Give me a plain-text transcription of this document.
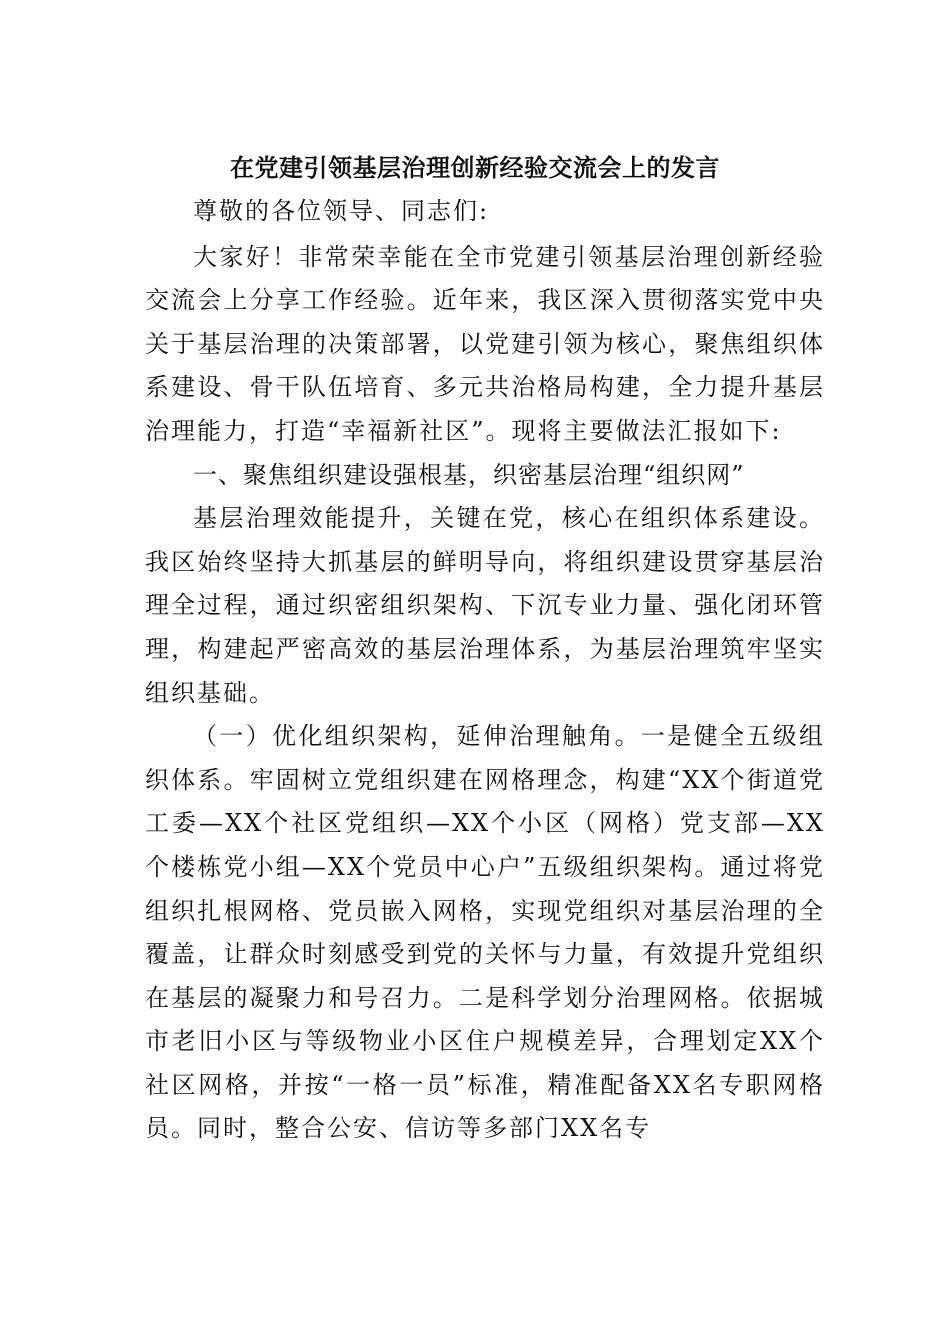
在党建引领基层治理创新经验交流会上的发言

尊敬的各位领导、同志们:

大家好！非常荣幸能在全市党建引领基层治理创新经验交流会上分享工作经验。近年来，我区深入贯彻落实党中央关于基层治理的决策部署，以党建引领为核心，聚焦组织体系建设、骨干队伍培育、多元共治格局构建，全力提升基层治理能力，打造“幸福新社区”。现将主要做法汇报如下:

一、聚焦组织建设强根基，织密基层治理“组织网”

基层治理效能提升，关键在党，核心在组织体系建设。我区始终坚持大抓基层的鲜明导向，将组织建设贯穿基层治理全过程，通过织密组织架构、下沉专业力量、强化闭环管理，构建起严密高效的基层治理体系，为基层治理筑牢坚实组织基础。

（一）优化组织架构，延伸治理触角。一是健全五级组织体系。牢固树立党组织建在网格理念，构建“XX个街道党工委—XX个社区党组织—XX个小区（网格）党支部—XX个楼栋党小组—XX个党员中心户”五级组织架构。通过将党组织扎根网格、党员嵌入网格，实现党组织对基层治理的全覆盖，让群众时刻感受到党的关怀与力量，有效提升党组织在基层的凝聚力和号召力。二是科学划分治理网格。依据城市老旧小区与等级物业小区住户规模差异，合理划定XX个社区网格，并按“一格一员”标准，精准配备XX名专职网格员。同时，整合公安、信访等多部门XX名专
